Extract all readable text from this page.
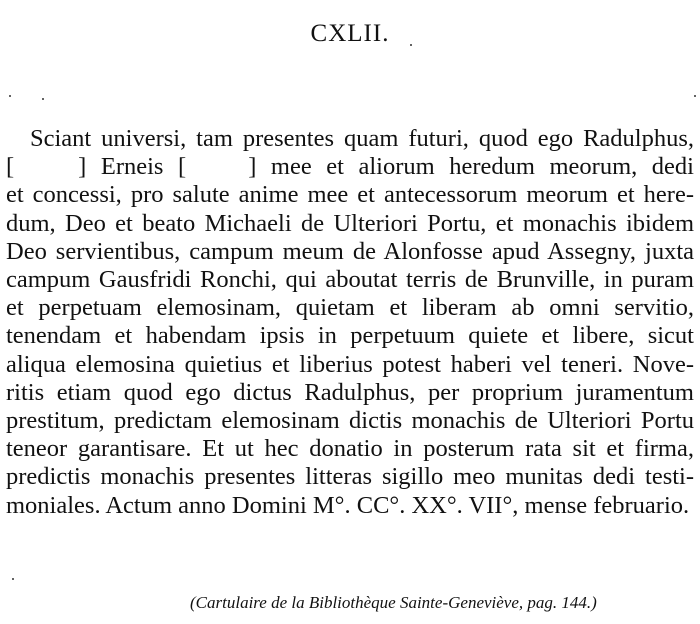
CXLII.
Sciant universi, tam presentes quam futuri, quod ego Radulphus,
[	] Erneis [	] mee et aliorum heredum meorum, dedi
et concessi, pro salute anime mee et antecessorum meorum et here-
dum, Deo et beato Michaeli de Ulteriori Portu, et monachis ibidem
Deo servientibus, campum meum de Alonfosse apud Assegny, juxta
campum Gausfridi Ronchi, qui aboutat terris de Brunville, in puram
et perpetuam elemosinam, quietam et liberam ab omni servitio,
tenendam et habendam ipsis in perpetuum quiete et libere, sicut
aliqua elemosina quietius et liberius potest haberi vel teneri. Nove-
ritis etiam quod ego dictus Radulphus, per proprium juramentum
prestitum, predictam elemosinam dictis monachis de Ulteriori Portu
teneor garantisare. Et ut hec donatio in posterum rata sit et firma,
predictis monachis presentes litteras sigillo meo munitas dedi testi-
moniales. Actum anno Domini M°. CC°. XX°. VII°, mense februario.

(Cartulaire de la Bibliothèque Sainte-Geneviève, pag. 144.)
